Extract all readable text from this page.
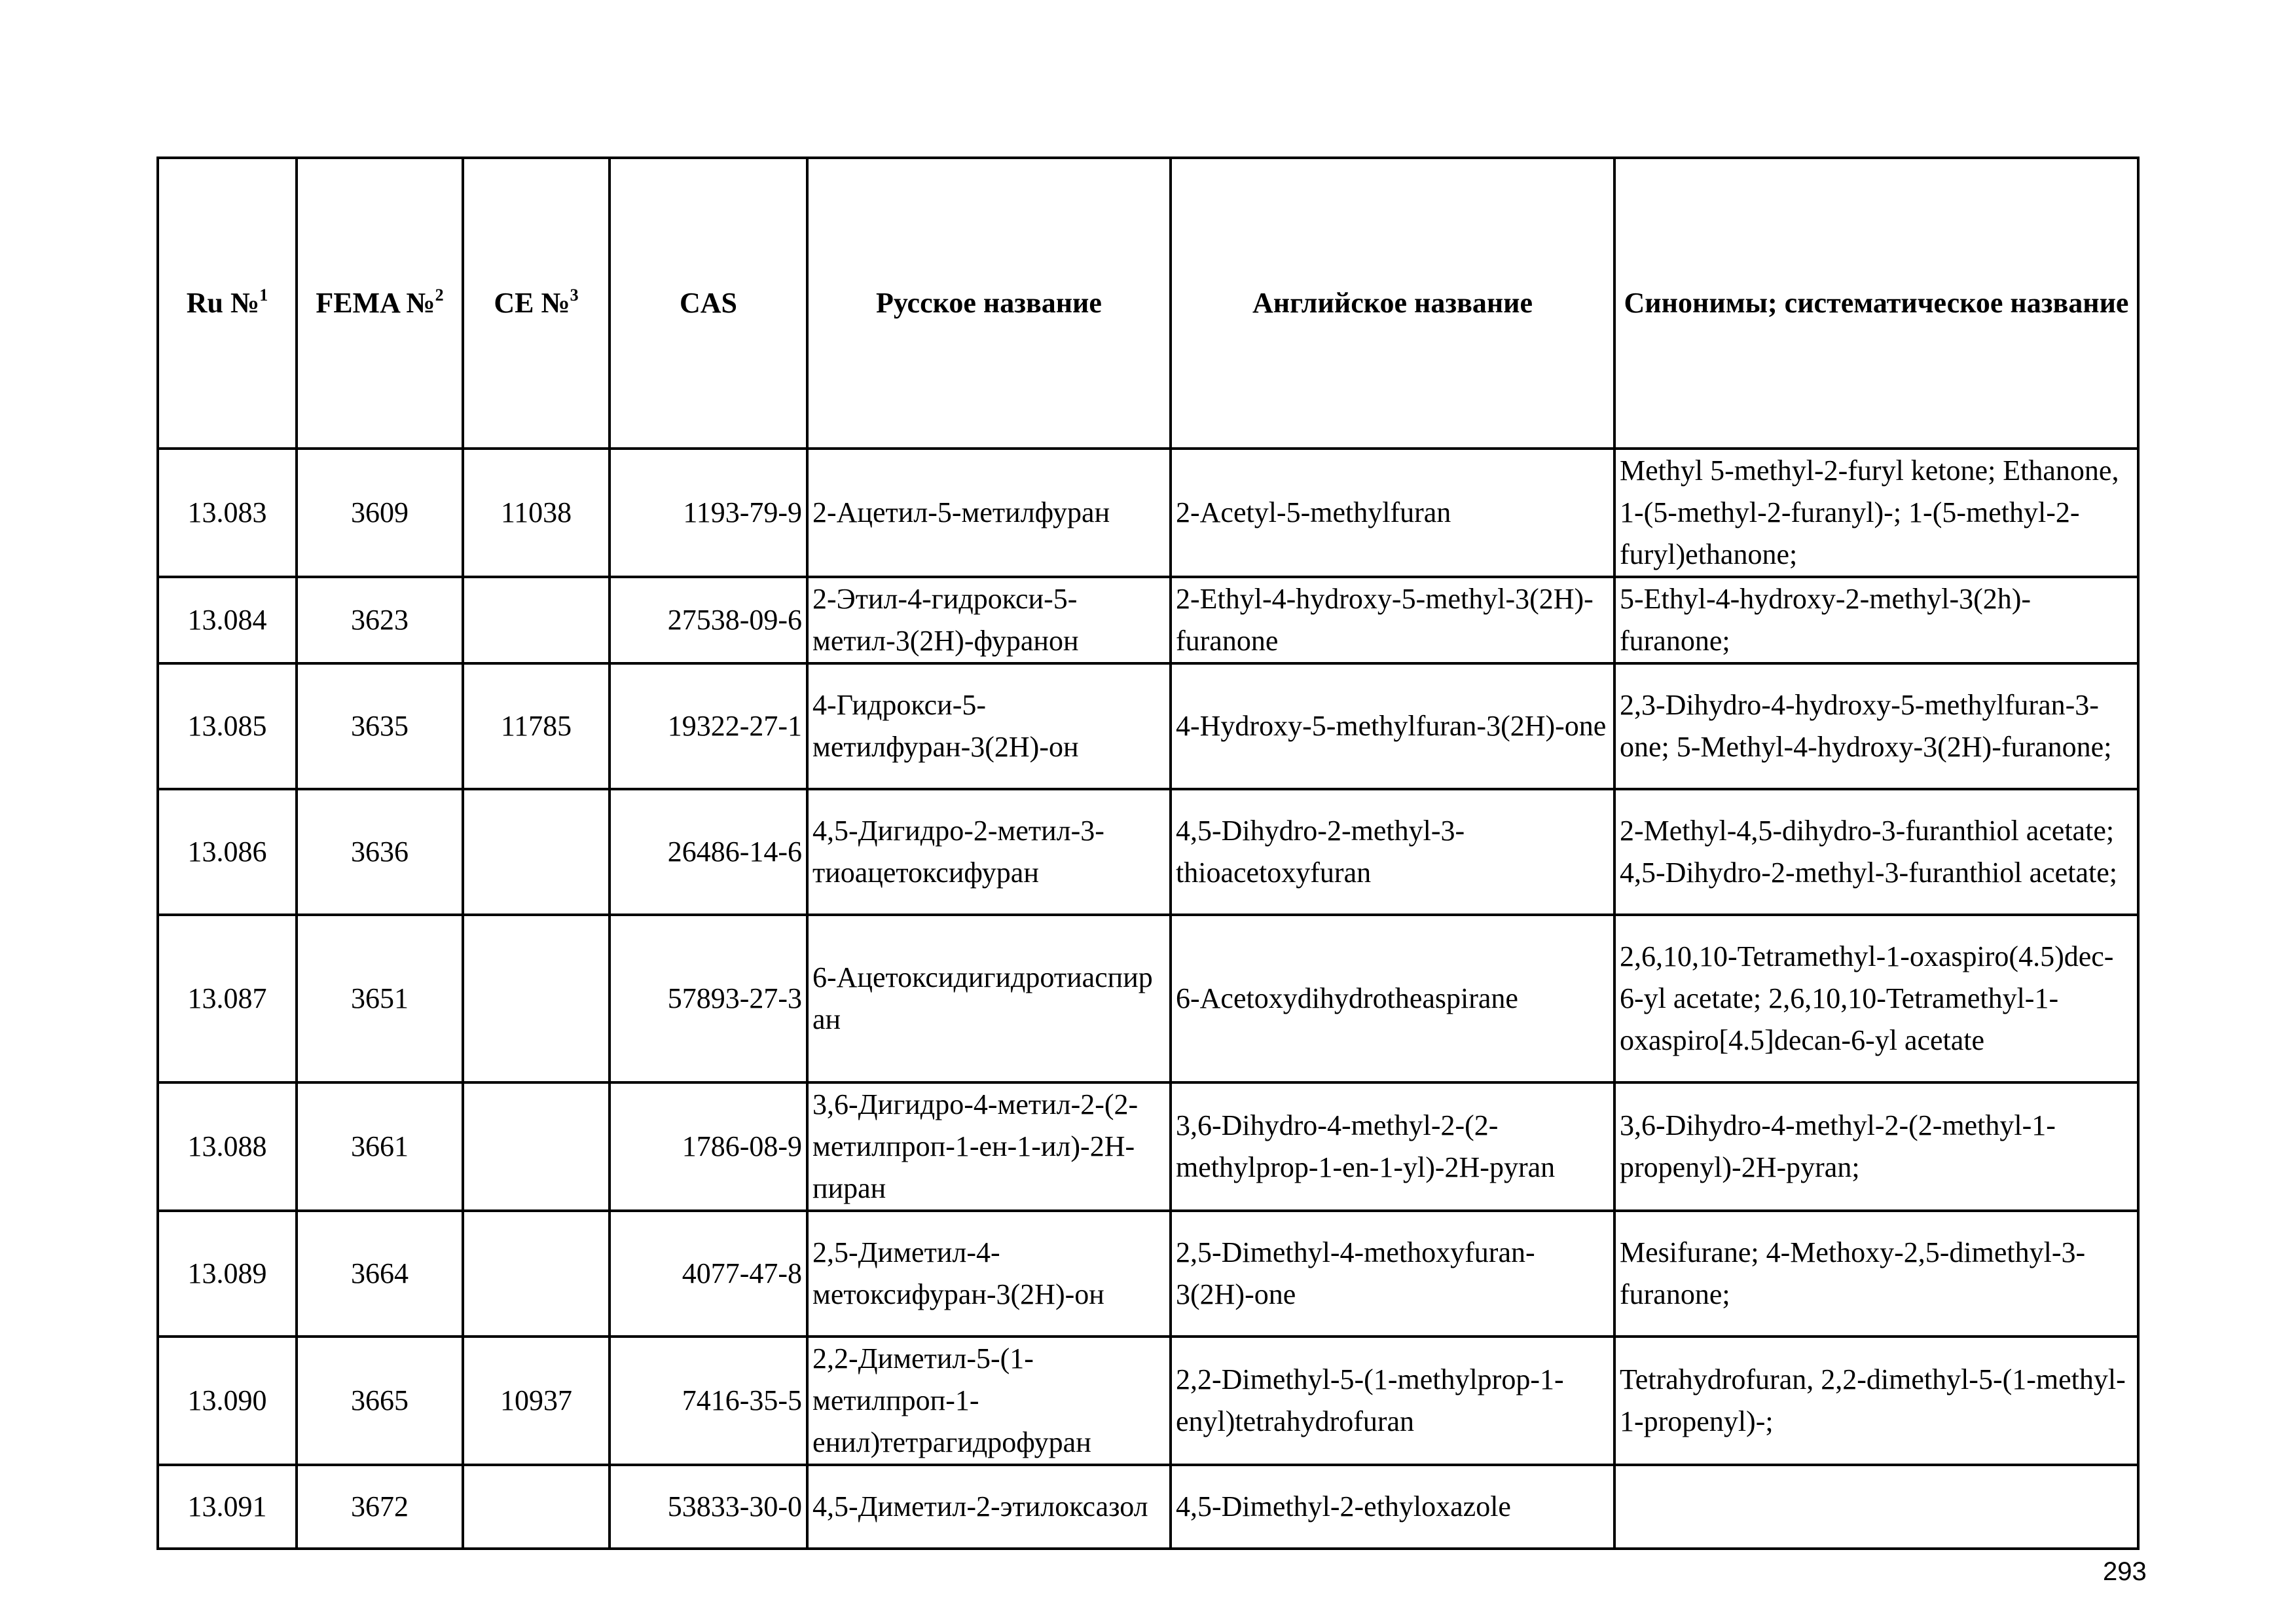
Ru №$^1$	FEMA №$^2$	CE №$^3$	CAS	Русское название	Английское название	Синонимы; систематическое название
13.083	3609	11038	1193-79-9	2-Ацетил-5-метилфуран	2-Acetyl-5-methylfuran	Methyl 5-methyl-2-furyl ketone; Ethanone, 1-(5-methyl-2-furanyl)-; 1-(5-methyl-2-furyl)ethanone;
13.084	3623		27538-09-6	2-Этил-4-гидрокси-5-метил-3(2H)-фуранон	2-Ethyl-4-hydroxy-5-methyl-3(2H)-furanone	5-Ethyl-4-hydroxy-2-methyl-3(2h)-furanone;
13.085	3635	11785	19322-27-1	4-Гидрокси-5-метилфуран-3(2H)-он	4-Hydroxy-5-methylfuran-3(2H)-one	2,3-Dihydro-4-hydroxy-5-methylfuran-3-one; 5-Methyl-4-hydroxy-3(2H)-furanone;
13.086	3636		26486-14-6	4,5-Дигидро-2-метил-3-тиоацетоксифуран	4,5-Dihydro-2-methyl-3-thioacetoxyfuran	2-Methyl-4,5-dihydro-3-furanthiol acetate; 4,5-Dihydro-2-methyl-3-furanthiol acetate;
13.087	3651		57893-27-3	6-Ацетоксидигидротиаспиран	6-Acetoxydihydrotheaspirane	2,6,10,10-Tetramethyl-1-oxaspiro(4.5)dec-6-yl acetate; 2,6,10,10-Tetramethyl-1-oxaspiro[4.5]decan-6-yl acetate
13.088	3661		1786-08-9	3,6-Дигидро-4-метил-2-(2-метилпроп-1-ен-1-ил)-2H-пиран	3,6-Dihydro-4-methyl-2-(2-methylprop-1-en-1-yl)-2H-pyran	3,6-Dihydro-4-methyl-2-(2-methyl-1-propenyl)-2H-pyran;
13.089	3664		4077-47-8	2,5-Диметил-4-метоксифуран-3(2H)-он	2,5-Dimethyl-4-methoxyfuran-3(2H)-one	Mesifurane; 4-Methoxy-2,5-dimethyl-3-furanone;
13.090	3665	10937	7416-35-5	2,2-Диметил-5-(1-метилпроп-1-енил)тетрагидрофуран	2,2-Dimethyl-5-(1-methylprop-1-enyl)tetrahydrofuran	Tetrahydrofuran, 2,2-dimethyl-5-(1-methyl-1-propenyl)-;
13.091	3672		53833-30-0	4,5-Диметил-2-этилоксазол	4,5-Dimethyl-2-ethyloxazole	
293
